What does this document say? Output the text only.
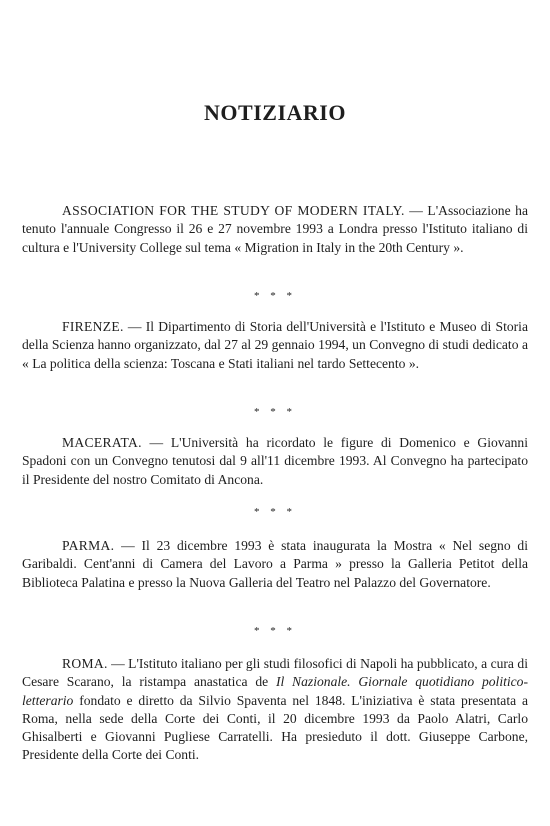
NOTIZIARIO

ASSOCIATION FOR THE STUDY OF MODERN ITALY. — L'Associazione ha tenuto l'annuale Congresso il 26 e 27 novembre 1993 a Londra presso l'Istituto italiano di cultura e l'University College sul tema « Migration in Italy in the 20th Century ».

* * *

FIRENZE. — Il Dipartimento di Storia dell'Università e l'Istituto e Museo di Storia della Scienza hanno organizzato, dal 27 al 29 gennaio 1994, un Convegno di studi dedicato a « La politica della scienza: Toscana e Stati italiani nel tardo Settecento ».

* * *

MACERATA. — L'Università ha ricordato le figure di Domenico e Giovanni Spadoni con un Convegno tenutosi dal 9 all'11 dicembre 1993. Al Convegno ha partecipato il Presidente del nostro Comitato di Ancona.

* * *

PARMA. — Il 23 dicembre 1993 è stata inaugurata la Mostra « Nel segno di Garibaldi. Cent'anni di Camera del Lavoro a Parma » presso la Galleria Petitot della Biblioteca Palatina e presso la Nuova Galleria del Teatro nel Palazzo del Governatore.

* * *

ROMA. — L'Istituto italiano per gli studi filosofici di Napoli ha pubblicato, a cura di Cesare Scarano, la ristampa anastatica de Il Nazionale. Giornale quotidiano politico-letterario fondato e diretto da Silvio Spaventa nel 1848. L'iniziativa è stata presentata a Roma, nella sede della Corte dei Conti, il 20 dicembre 1993 da Paolo Alatri, Carlo Ghisalberti e Giovanni Pugliese Carratelli. Ha presieduto il dott. Giuseppe Carbone, Presidente della Corte dei Conti.
